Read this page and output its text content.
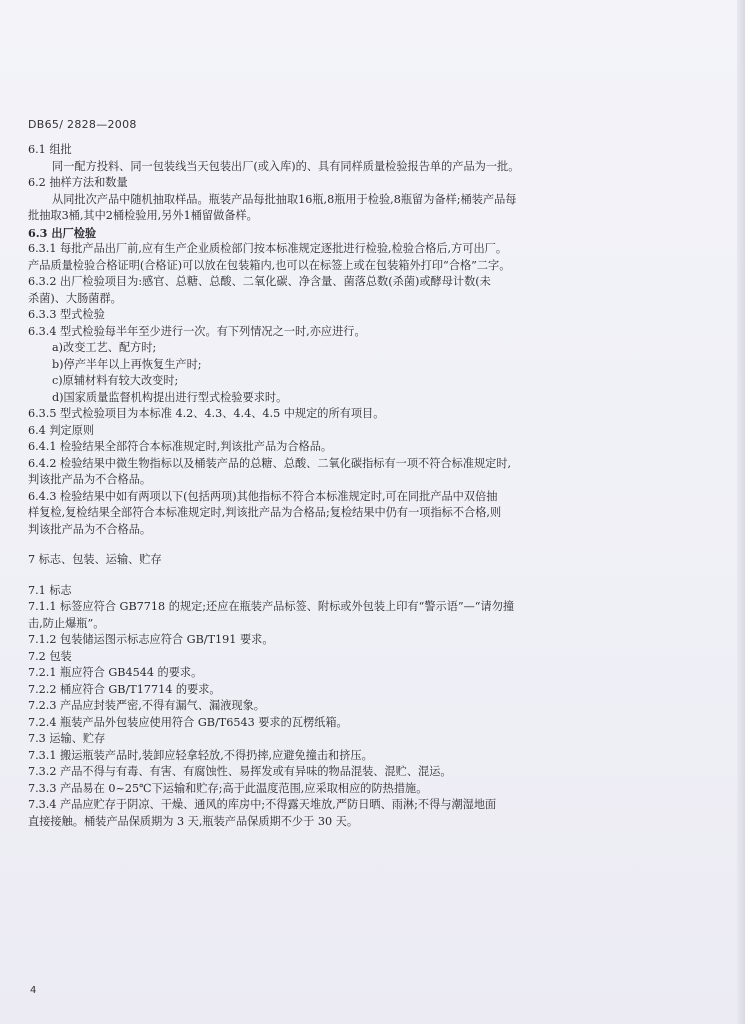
DB65/ 2828—2008
6.1 组批
同一配方投料、同一包装线当天包装出厂(或入库)的、具有同样质量检验报告单的产品为一批。
6.2 抽样方法和数量
从同批次产品中随机抽取样品。瓶装产品每批抽取16瓶,8瓶用于检验,8瓶留为备样;桶装产品每
批抽取3桶,其中2桶检验用,另外1桶留做备样。
6.3 出厂检验
6.3.1 每批产品出厂前,应有生产企业质检部门按本标准规定逐批进行检验,检验合格后,方可出厂。
产品质量检验合格证明(合格证)可以放在包装箱内,也可以在标签上或在包装箱外打印“合格”二字。
6.3.2 出厂检验项目为:感官、总糖、总酸、二氧化碳、净含量、菌落总数(杀菌)或酵母计数(未
杀菌)、大肠菌群。
6.3.3 型式检验
6.3.4 型式检验每半年至少进行一次。有下列情况之一时,亦应进行。
a)改变工艺、配方时;
b)停产半年以上再恢复生产时;
c)原辅材料有较大改变时;
d)国家质量监督机构提出进行型式检验要求时。
6.3.5 型式检验项目为本标准 4.2、4.3、4.4、4.5 中规定的所有项目。
6.4 判定原则
6.4.1 检验结果全部符合本标准规定时,判该批产品为合格品。
6.4.2 检验结果中微生物指标以及桶装产品的总糖、总酸、二氧化碳指标有一项不符合标准规定时,
判该批产品为不合格品。
6.4.3 检验结果中如有两项以下(包括两项)其他指标不符合本标准规定时,可在同批产品中双倍抽
样复检,复检结果全部符合本标准规定时,判该批产品为合格品;复检结果中仍有一项指标不合格,则
判该批产品为不合格品。
7 标志、包装、运输、贮存
7.1 标志
7.1.1 标签应符合 GB7718 的规定;还应在瓶装产品标签、附标或外包装上印有“警示语”—“请勿撞
击,防止爆瓶”。
7.1.2 包装储运图示标志应符合 GB/T191 要求。
7.2 包装
7.2.1 瓶应符合 GB4544 的要求。
7.2.2 桶应符合 GB/T17714 的要求。
7.2.3 产品应封装严密,不得有漏气、漏液现象。
7.2.4 瓶装产品外包装应使用符合 GB/T6543 要求的瓦楞纸箱。
7.3 运输、贮存
7.3.1 搬运瓶装产品时,装卸应轻拿轻放,不得扔摔,应避免撞击和挤压。
7.3.2 产品不得与有毒、有害、有腐蚀性、易挥发或有异味的物品混装、混贮、混运。
7.3.3 产品易在 0~25℃下运输和贮存;高于此温度范围,应采取相应的防热措施。
7.3.4 产品应贮存于阴凉、干燥、通风的库房中;不得露天堆放,严防日晒、雨淋;不得与潮湿地面
直接接触。桶装产品保质期为 3 天,瓶装产品保质期不少于 30 天。
4
